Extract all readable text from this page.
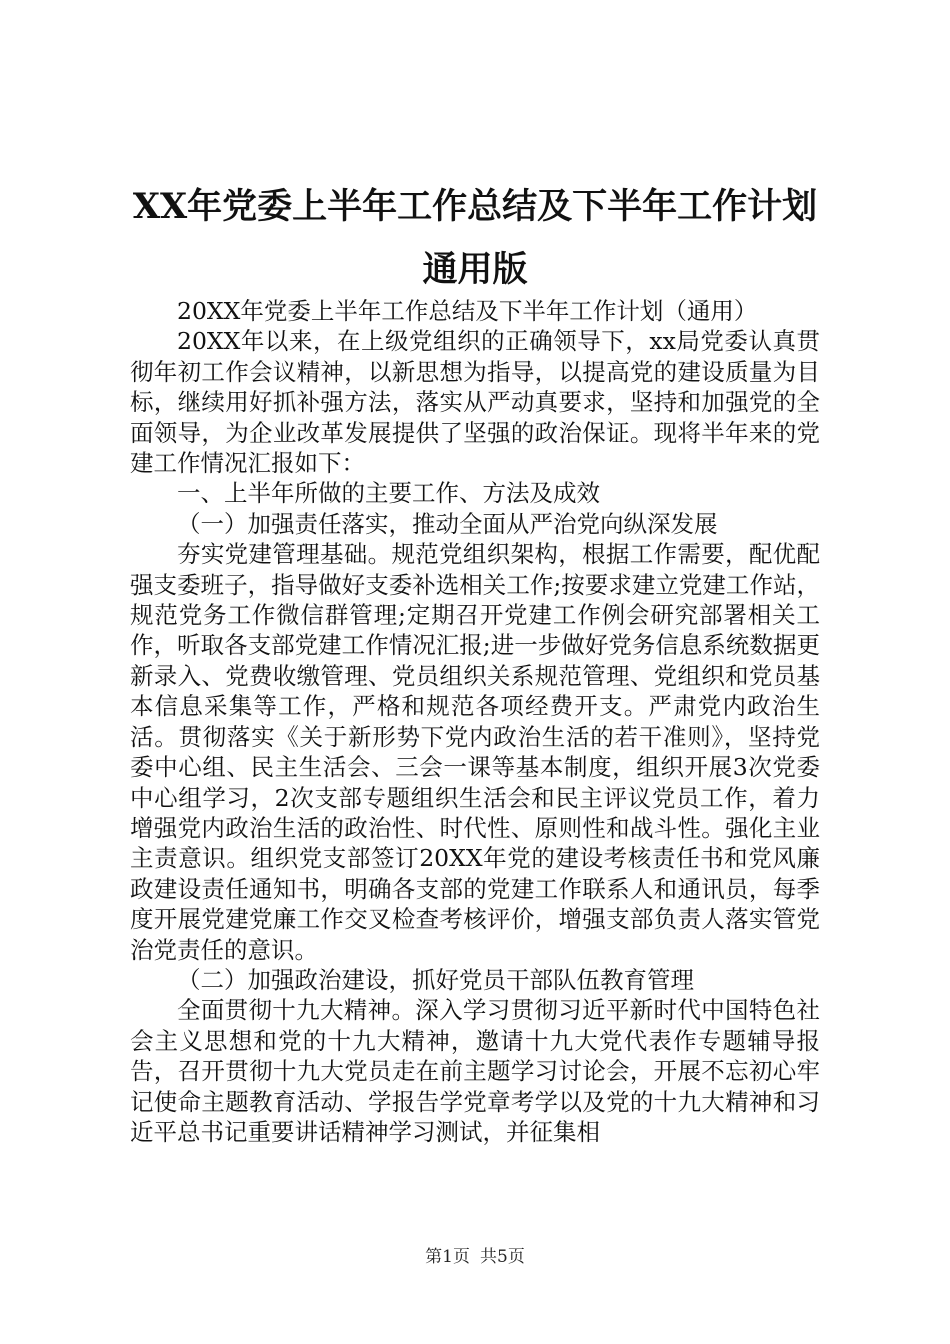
XX年党委上半年工作总结及下半年工作计划
通用版

20XX年党委上半年工作总结及下半年工作计划（通用）

20XX年以来，在上级党组织的正确领导下，xx局党委认真贯彻年初工作会议精神，以新思想为指导，以提高党的建设质量为目标，继续用好抓补强方法，落实从严动真要求，坚持和加强党的全面领导，为企业改革发展提供了坚强的政治保证。现将半年来的党建工作情况汇报如下：

一、上半年所做的主要工作、方法及成效

（一）加强责任落实，推动全面从严治党向纵深发展

夯实党建管理基础。规范党组织架构，根据工作需要，配优配强支委班子，指导做好支委补选相关工作;按要求建立党建工作站，规范党务工作微信群管理;定期召开党建工作例会研究部署相关工作，听取各支部党建工作情况汇报;进一步做好党务信息系统数据更新录入、党费收缴管理、党员组织关系规范管理、党组织和党员基本信息采集等工作，严格和规范各项经费开支。严肃党内政治生活。贯彻落实《关于新形势下党内政治生活的若干准则》，坚持党委中心组、民主生活会、三会一课等基本制度，组织开展3次党委中心组学习，2次支部专题组织生活会和民主评议党员工作，着力增强党内政治生活的政治性、时代性、原则性和战斗性。强化主业主责意识。组织党支部签订20XX年党的建设考核责任书和党风廉政建设责任通知书，明确各支部的党建工作联系人和通讯员，每季度开展党建党廉工作交叉检查考核评价，增强支部负责人落实管党治党责任的意识。

（二）加强政治建设，抓好党员干部队伍教育管理

全面贯彻十九大精神。深入学习贯彻习近平新时代中国特色社会主义思想和党的十九大精神，邀请十九大党代表作专题辅导报告，召开贯彻十九大党员走在前主题学习讨论会，开展不忘初心牢记使命主题教育活动、学报告学党章考学以及党的十九大精神和习近平总书记重要讲话精神学习测试，并征集相

第1页 共5页
